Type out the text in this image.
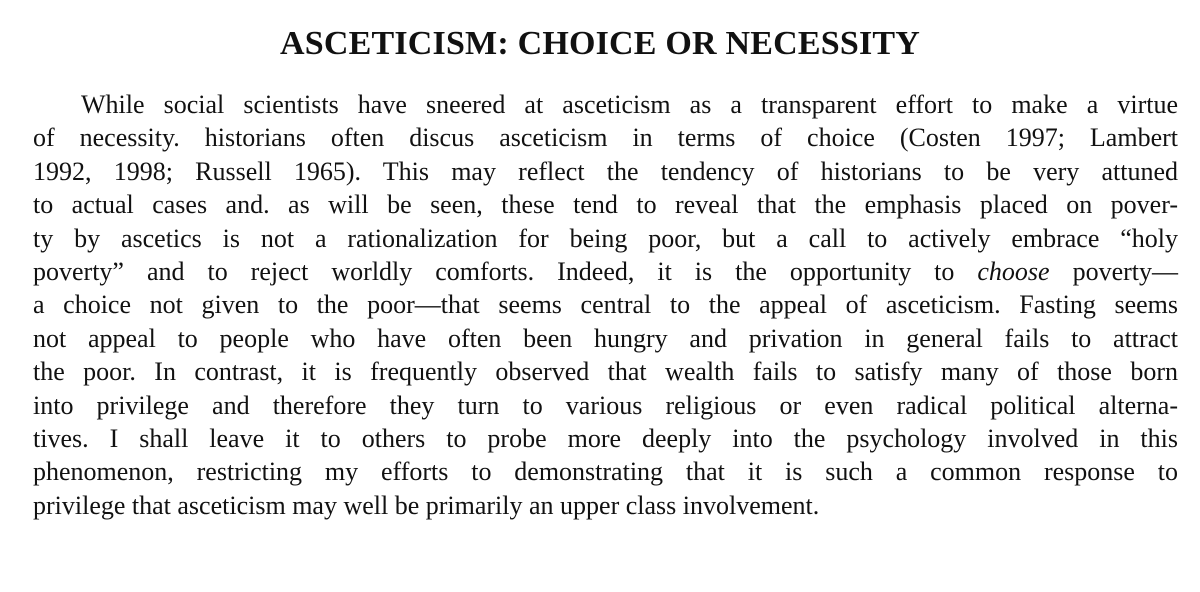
ASCETICISM: CHOICE OR NECESSITY
While social scientists have sneered at asceticism as a transparent effort to make a virtue
of necessity. historians often discus asceticism in terms of choice (Costen 1997; Lambert
1992, 1998; Russell 1965). This may reflect the tendency of historians to be very attuned
to actual cases and. as will be seen, these tend to reveal that the emphasis placed on pover-
ty by ascetics is not a rationalization for being poor, but a call to actively embrace “holy
poverty” and to reject worldly comforts. Indeed, it is the opportunity to choose poverty—
a choice not given to the poor—that seems central to the appeal of asceticism. Fasting seems
not appeal to people who have often been hungry and privation in general fails to attract
the poor. In contrast, it is frequently observed that wealth fails to satisfy many of those born
into privilege and therefore they turn to various religious or even radical political alterna-
tives. I shall leave it to others to probe more deeply into the psychology involved in this
phenomenon, restricting my efforts to demonstrating that it is such a common response to
privilege that asceticism may well be primarily an upper class involvement.
